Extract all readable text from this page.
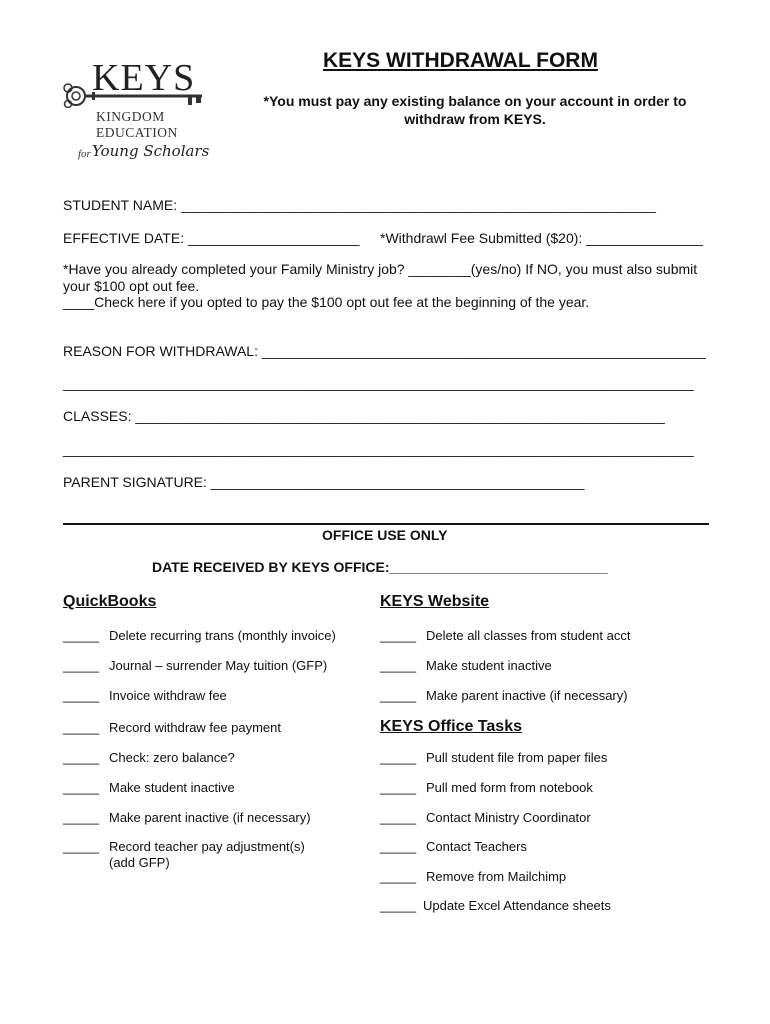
KEYS
KINGDOM
EDUCATION
for Young Scholars
KEYS WITHDRAWAL FORM
*You must pay any existing balance on your account in order to withdraw from KEYS.
STUDENT NAME: _____________________________________________________________
EFFECTIVE DATE: ______________________ *Withdrawl Fee Submitted ($20): _______________
*Have you already completed your Family Ministry job? ________(yes/no) If NO, you must also submit your $100 opt out fee.
____Check here if you opted to pay the $100 opt out fee at the beginning of the year.
REASON FOR WITHDRAWAL: _________________________________________________________
_________________________________________________________________________________
CLASSES: ____________________________________________________________________
_________________________________________________________________________________
PARENT SIGNATURE: ________________________________________________
OFFICE USE ONLY
DATE RECEIVED BY KEYS OFFICE:____________________________
QuickBooks
_____ Delete recurring trans (monthly invoice)
_____ Journal – surrender May tuition (GFP)
_____ Invoice withdraw fee
_____ Record withdraw fee payment
_____ Check: zero balance?
_____ Make student inactive
_____ Make parent inactive (if necessary)
_____ Record teacher pay adjustment(s)
(add GFP)
KEYS Website
_____ Delete all classes from student acct
_____ Make student inactive
_____ Make parent inactive (if necessary)
KEYS Office Tasks
_____ Pull student file from paper files
_____ Pull med form from notebook
_____ Contact Ministry Coordinator
_____ Contact Teachers
_____ Remove from Mailchimp
_____ Update Excel Attendance sheets
